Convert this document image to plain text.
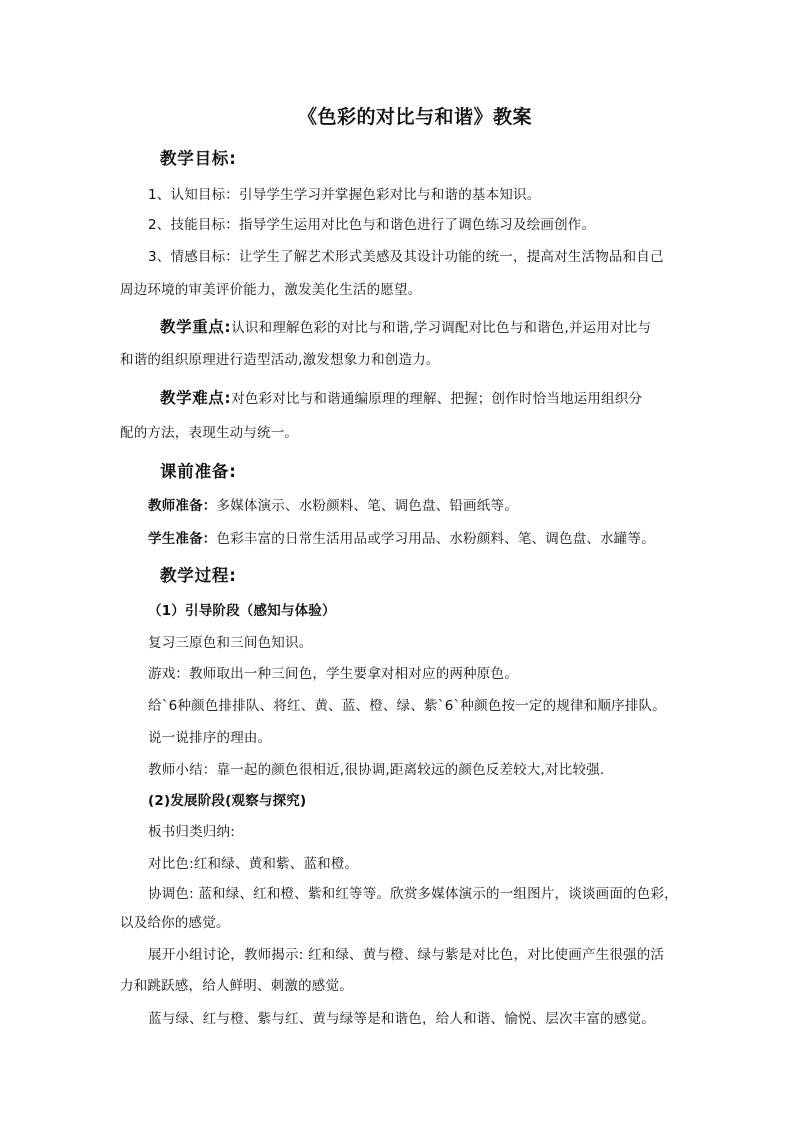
《色彩的对比与和谐》教案
教学目标:
1、认知目标：引导学生学习并掌握色彩对比与和谐的基本知识。
2、技能目标：指导学生运用对比色与和谐色进行了调色练习及绘画创作。
3、情感目标：让学生了解艺术形式美感及其设计功能的统一，提高对生活物品和自己
周边环境的审美评价能力，激发美化生活的愿望。
教学重点:认识和理解色彩的对比与和谐,学习调配对比色与和谐色,并运用对比与
和谐的组织原理进行造型活动,激发想象力和创造力。
教学难点:对色彩对比与和谐通编原理的理解、把握；创作时恰当地运用组织分
配的方法，表现生动与统一。
课前准备:
教师准备：多媒体演示、水粉颜料、笔、调色盘、铅画纸等。
学生准备：色彩丰富的日常生活用品或学习用品、水粉颜料、笔、调色盘、水罐等。
教学过程:
（1）引导阶段（感知与体验）
复习三原色和三间色知识。
游戏：教师取出一种三间色，学生要拿对相对应的两种原色。
给`6种颜色排排队、将红、黄、蓝、橙、绿、紫`6`种颜色按一定的规律和顺序排队。
说一说排序的理由。
教师小结：靠一起的颜色很相近,很协调,距离较远的颜色反差较大,对比较强.
(2)发展阶段(观察与探究)
板书归类归纳:
对比色:红和绿、黄和紫、蓝和橙。
协调色: 蓝和绿、红和橙、紫和红等等。欣赏多媒体演示的一组图片，谈谈画面的色彩，
以及给你的感觉。
展开小组讨论，教师揭示: 红和绿、黄与橙、绿与紫是对比色，对比使画产生很强的活
力和跳跃感，给人鲜明、刺激的感觉。
蓝与绿、红与橙、紫与红、黄与绿等是和谐色，给人和谐、愉悦、层次丰富的感觉。
